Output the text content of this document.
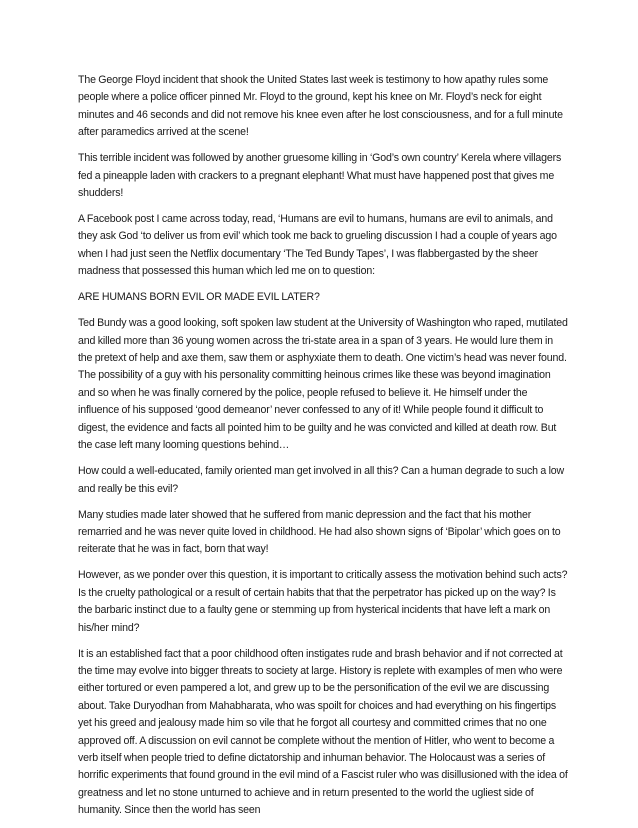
The George Floyd incident that shook the United States last week is testimony to how apathy rules some people where a police officer pinned Mr. Floyd to the ground, kept his knee on Mr. Floyd’s neck for eight minutes and 46 seconds and did not remove his knee even after he lost consciousness, and for a full minute after paramedics arrived at the scene!

This terrible incident was followed by another gruesome killing in ‘God’s own country’ Kerela where villagers fed a pineapple laden with crackers to a pregnant elephant! What must have happened post that gives me shudders!

A Facebook post I came across today, read, ‘Humans are evil to humans, humans are evil to animals, and they ask God ‘to deliver us from evil’ which took me back to grueling discussion I had a couple of years ago when I had just seen the Netflix documentary ‘The Ted Bundy Tapes’, I was flabbergasted by the sheer madness that possessed this human which led me on to question:

ARE HUMANS BORN EVIL OR MADE EVIL LATER?

Ted Bundy was a good looking, soft spoken law student at the University of Washington who raped, mutilated and killed more than 36 young women across the tri-state area in a span of 3 years. He would lure them in the pretext of help and axe them, saw them or asphyxiate them to death. One victim’s head was never found. The possibility of a guy with his personality committing heinous crimes like these was beyond imagination and so when he was finally cornered by the police, people refused to believe it. He himself under the influence of his supposed ‘good demeanor’ never confessed to any of it! While people found it difficult to digest, the evidence and facts all pointed him to be guilty and he was convicted and killed at death row. But the case left many looming questions behind…

How could a well-educated, family oriented man get involved in all this? Can a human degrade to such a low and really be this evil?

Many studies made later showed that he suffered from manic depression and the fact that his mother remarried and he was never quite loved in childhood. He had also shown signs of ‘Bipolar’ which goes on to reiterate that he was in fact, born that way!

However, as we ponder over this question, it is important to critically assess the motivation behind such acts? Is the cruelty pathological or a result of certain habits that that the perpetrator has picked up on the way? Is the barbaric instinct due to a faulty gene or stemming up from hysterical incidents that have left a mark on his/her mind?

It is an established fact that a poor childhood often instigates rude and brash behavior and if not corrected at the time may evolve into bigger threats to society at large. History is replete with examples of men who were either tortured or even pampered a lot, and grew up to be the personification of the evil we are discussing about. Take Duryodhan from Mahabharata, who was spoilt for choices and had everything on his fingertips yet his greed and jealousy made him so vile that he forgot all courtesy and committed crimes that no one approved off. A discussion on evil cannot be complete without the mention of Hitler, who went to become a verb itself when people tried to define dictatorship and inhuman behavior. The Holocaust was a series of horrific experiments that found ground in the evil mind of a Fascist ruler who was disillusioned with the idea of greatness and let no stone unturned to achieve and in return presented to the world the ugliest side of humanity. Since then the world has seen
